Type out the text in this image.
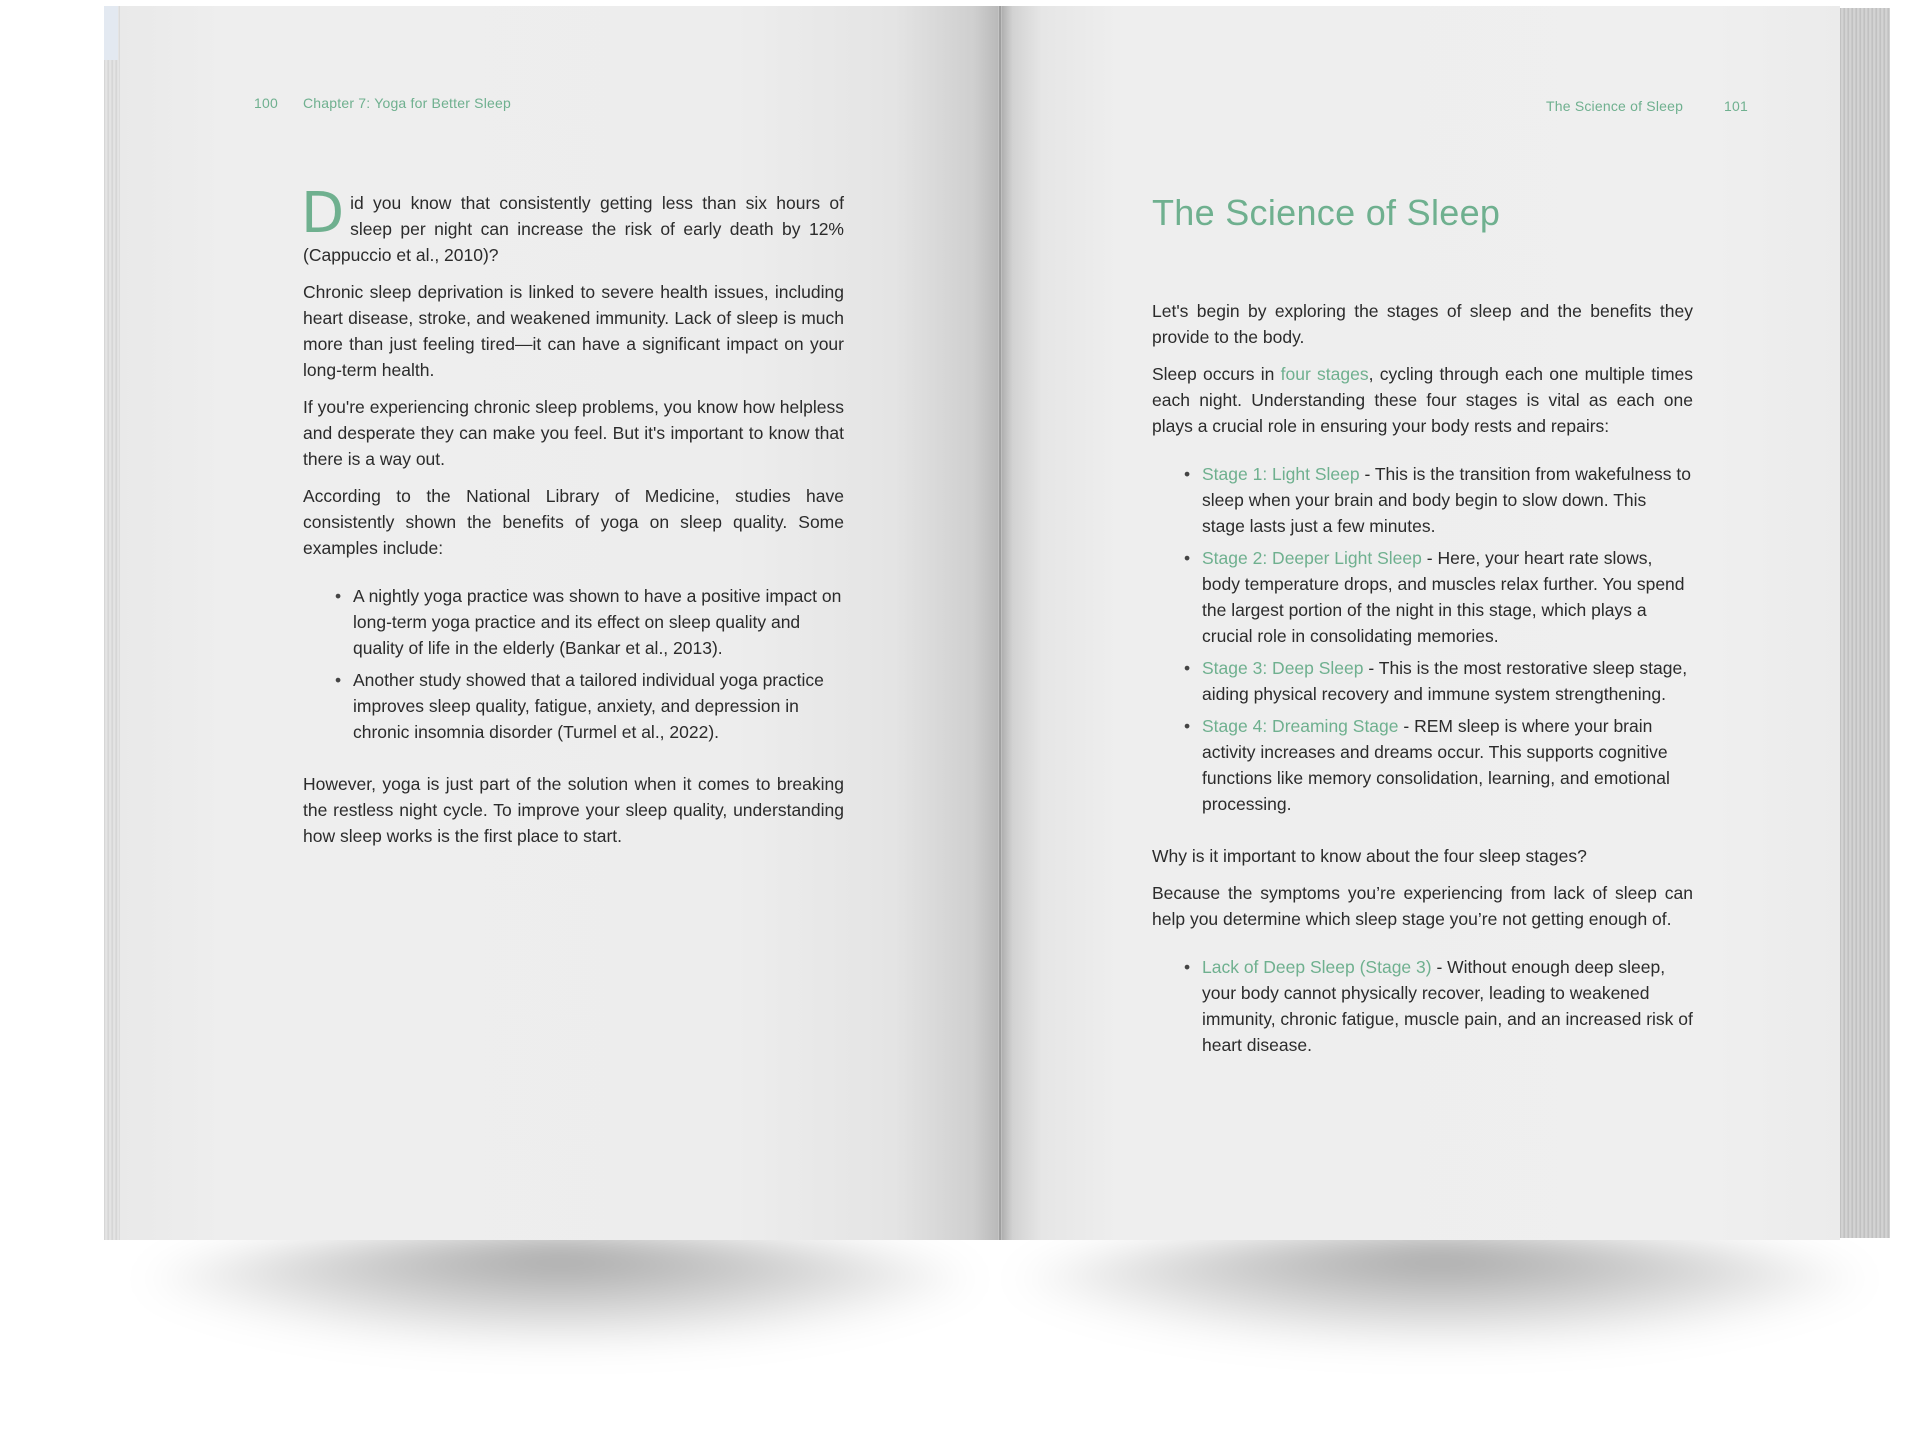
100 Chapter 7: Yoga for Better Sleep

Did you know that consistently getting less than six hours of sleep per night can increase the risk of early death by 12% (Cappuccio et al., 2010)?

Chronic sleep deprivation is linked to severe health issues, including heart disease, stroke, and weakened immunity. Lack of sleep is much more than just feeling tired—it can have a significant impact on your long-term health.

If you're experiencing chronic sleep problems, you know how helpless and desperate they can make you feel. But it's important to know that there is a way out.

According to the National Library of Medicine, studies have consistently shown the benefits of yoga on sleep quality. Some examples include:

• A nightly yoga practice was shown to have a positive impact on long-term yoga practice and its effect on sleep quality and quality of life in the elderly (Bankar et al., 2013).
• Another study showed that a tailored individual yoga practice improves sleep quality, fatigue, anxiety, and depression in chronic insomnia disorder (Turmel et al., 2022).

However, yoga is just part of the solution when it comes to breaking the restless night cycle. To improve your sleep quality, understanding how sleep works is the first place to start.

The Science of Sleep	101
The Science of Sleep

Let's begin by exploring the stages of sleep and the benefits they provide to the body.

Sleep occurs in four stages, cycling through each one multiple times each night. Understanding these four stages is vital as each one plays a crucial role in ensuring your body rests and repairs:

• Stage 1: Light Sleep - This is the transition from wakefulness to sleep when your brain and body begin to slow down. This stage lasts just a few minutes.
• Stage 2: Deeper Light Sleep - Here, your heart rate slows, body temperature drops, and muscles relax further. You spend the largest portion of the night in this stage, which plays a crucial role in consolidating memories.
• Stage 3: Deep Sleep - This is the most restorative sleep stage, aiding physical recovery and immune system strengthening.
• Stage 4: Dreaming Stage - REM sleep is where your brain activity increases and dreams occur. This supports cognitive functions like memory consolidation, learning, and emotional processing.

Why is it important to know about the four sleep stages?

Because the symptoms you’re experiencing from lack of sleep can help you determine which sleep stage you’re not getting enough of.

• Lack of Deep Sleep (Stage 3) - Without enough deep sleep, your body cannot physically recover, leading to weakened immunity, chronic fatigue, muscle pain, and an increased risk of heart disease.
